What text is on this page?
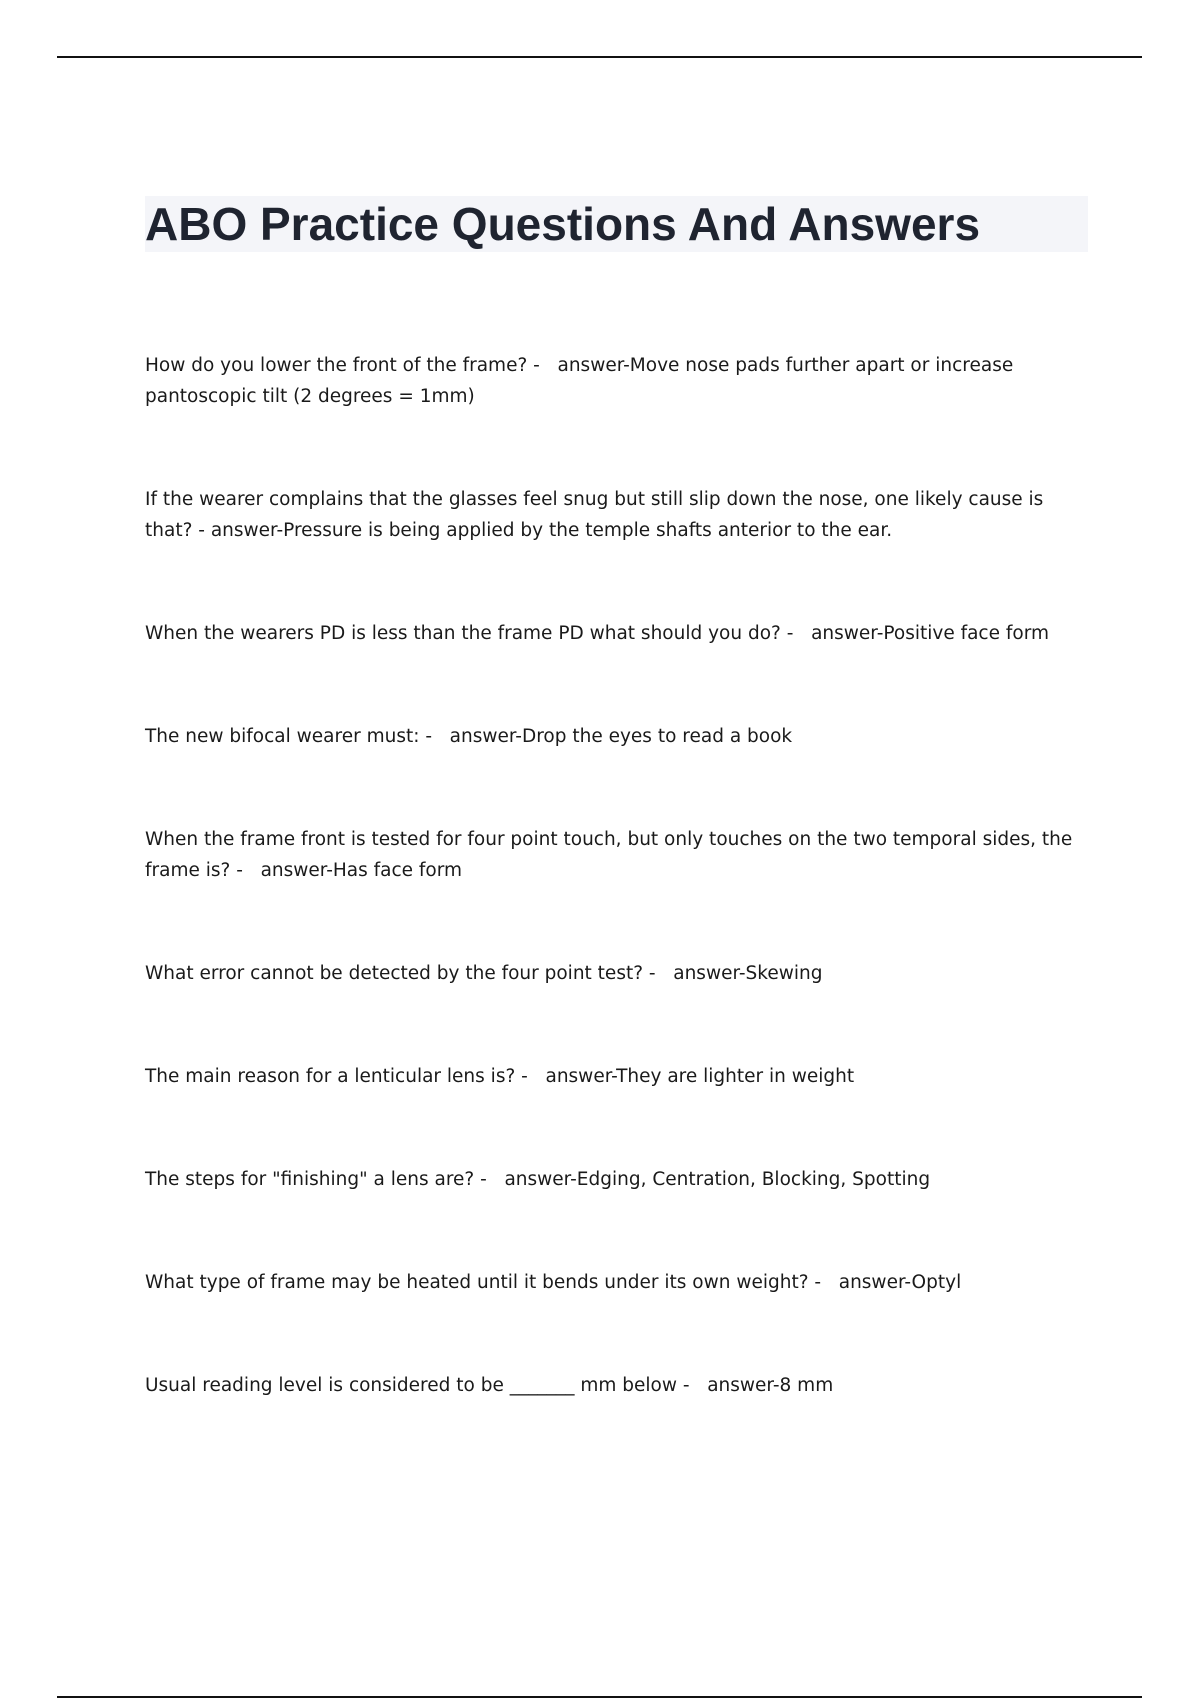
ABO Practice Questions And Answers
How do you lower the front of the frame? - answer-Move nose pads further apart or increase pantoscopic tilt (2 degrees = 1mm)
If the wearer complains that the glasses feel snug but still slip down the nose, one likely cause is that? - answer-Pressure is being applied by the temple shafts anterior to the ear.
When the wearers PD is less than the frame PD what should you do? - answer-Positive face form
The new bifocal wearer must: - answer-Drop the eyes to read a book
When the frame front is tested for four point touch, but only touches on the two temporal sides, the frame is? - answer-Has face form
What error cannot be detected by the four point test? - answer-Skewing
The main reason for a lenticular lens is? - answer-They are lighter in weight
The steps for "finishing" a lens are? - answer-Edging, Centration, Blocking, Spotting
What type of frame may be heated until it bends under its own weight? - answer-Optyl
Usual reading level is considered to be _______ mm below - answer-8 mm
